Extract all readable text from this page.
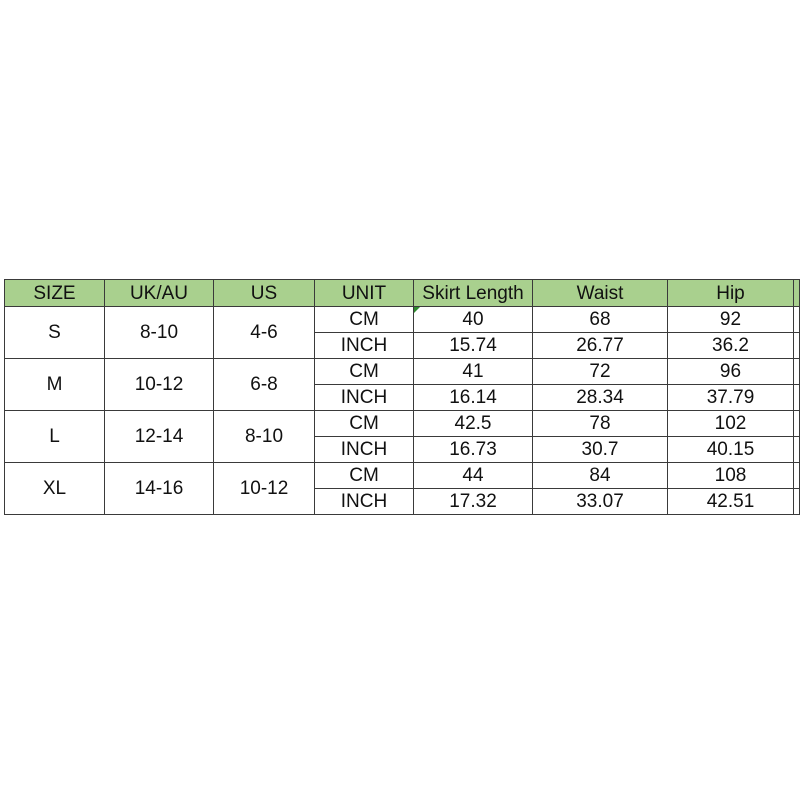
SIZE	UK/AU	US	UNIT	Skirt Length	Waist	Hip	
S	8-10	4-6	CM	40	68	92	
			INCH	15.74	26.77	36.2	
M	10-12	6-8	CM	41	72	96	
			INCH	16.14	28.34	37.79	
L	12-14	8-10	CM	42.5	78	102	
			INCH	16.73	30.7	40.15	
XL	14-16	10-12	CM	44	84	108	
			INCH	17.32	33.07	42.51	
